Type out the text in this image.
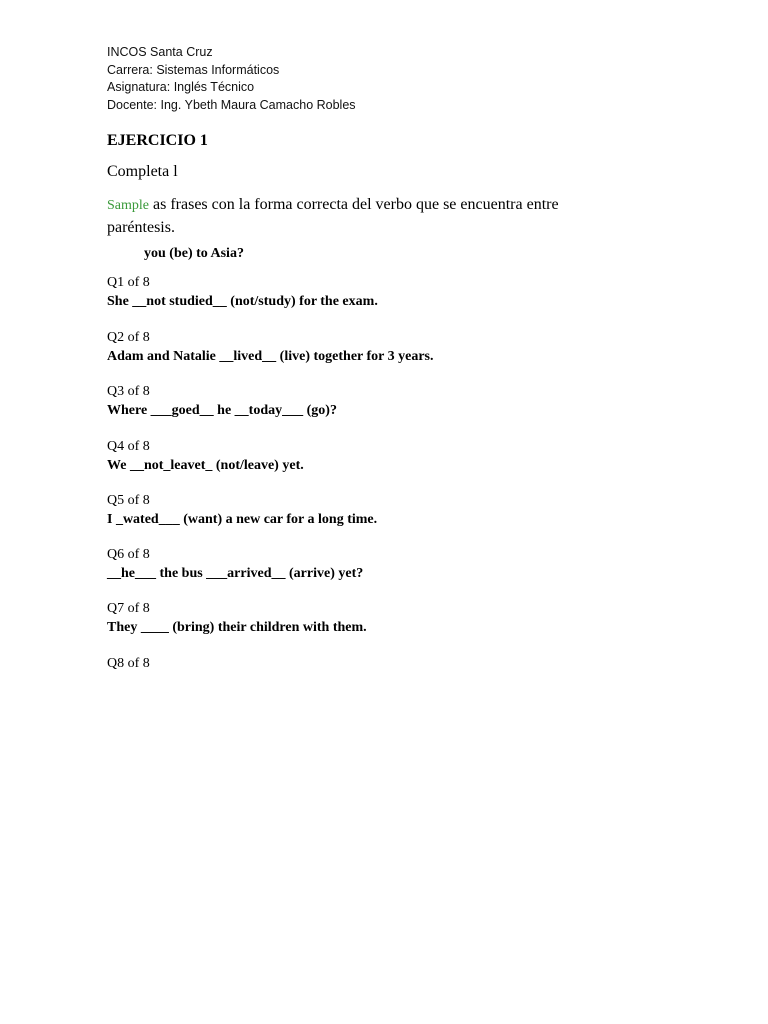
INCOS Santa Cruz
Carrera: Sistemas Informáticos
Asignatura: Inglés Técnico
Docente: Ing. Ybeth Maura Camacho Robles
EJERCICIO 1
Completa l
Sample as frases con la forma correcta del verbo que se encuentra entre paréntesis.
you (be) to Asia?
Q1 of 8
She __not studied__ (not/study) for the exam.
Q2 of 8
Adam and Natalie __lived__ (live) together for 3 years.
Q3 of 8
Where ___goed__ he __today___ (go)?
Q4 of 8
We __not_leavet_ (not/leave) yet.
Q5 of 8
I _wated___ (want) a new car for a long time.
Q6 of 8
__he___ the bus ___arrived__ (arrive) yet?
Q7 of 8
They ____ (bring) their children with them.
Q8 of 8
